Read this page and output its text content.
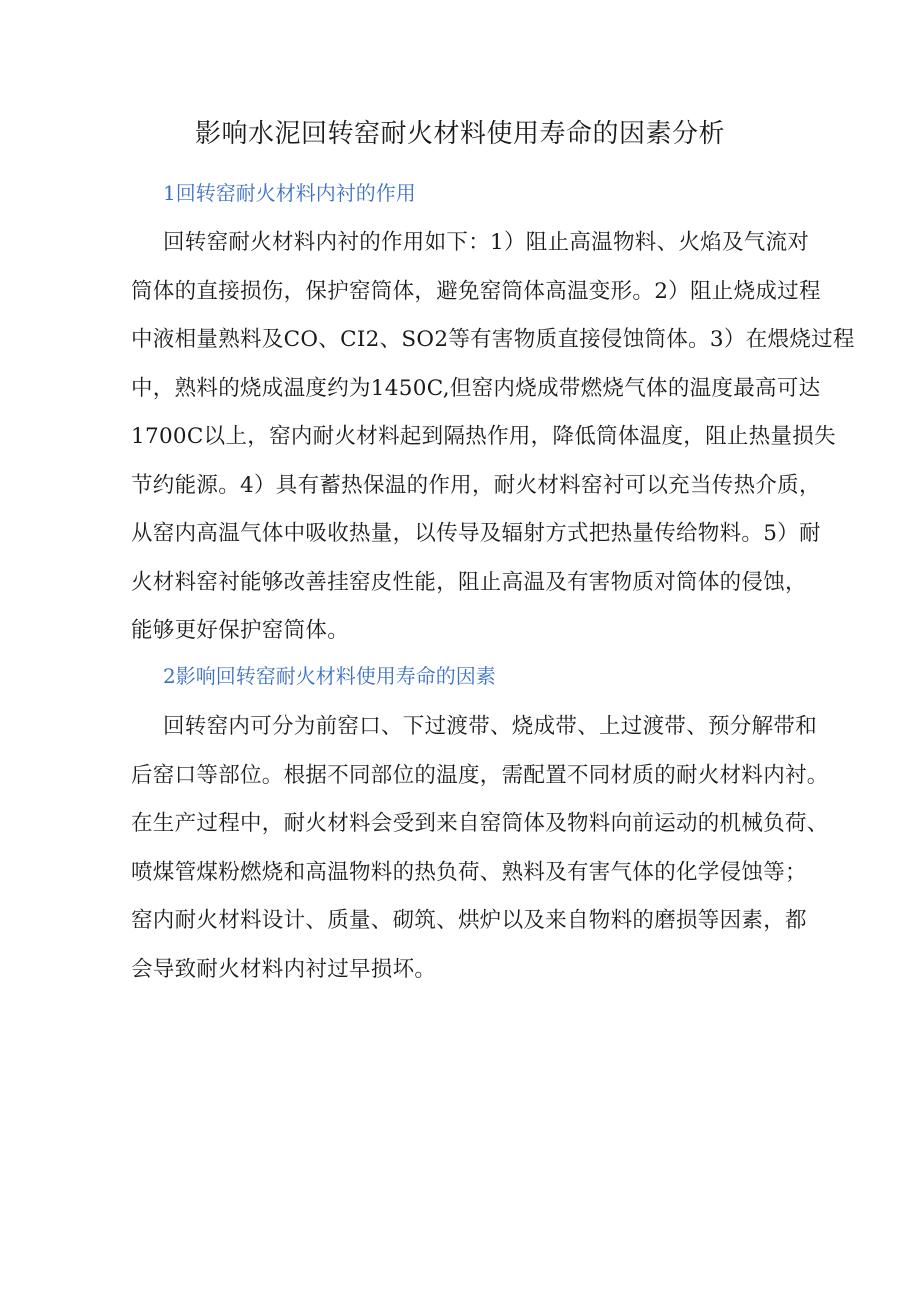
影响水泥回转窑耐火材料使用寿命的因素分析
1回转窑耐火材料内衬的作用
回转窑耐火材料内衬的作用如下：1）阻止高温物料、火焰及气流对
筒体的直接损伤，保护窑筒体，避免窑筒体高温变形。2）阻止烧成过程
中液相量熟料及CO、CI2、SO2等有害物质直接侵蚀筒体。3）在煨烧过程
中，熟料的烧成温度约为1450C,但窑内烧成带燃烧气体的温度最高可达
1700C以上，窑内耐火材料起到隔热作用，降低筒体温度，阻止热量损失
节约能源。4）具有蓄热保温的作用，耐火材料窑衬可以充当传热介质，
从窑内高温气体中吸收热量，以传导及辐射方式把热量传给物料。5）耐
火材料窑衬能够改善挂窑皮性能，阻止高温及有害物质对筒体的侵蚀，
能够更好保护窑筒体。
2影响回转窑耐火材料使用寿命的因素
回转窑内可分为前窑口、下过渡带、烧成带、上过渡带、预分解带和
后窑口等部位。根据不同部位的温度，需配置不同材质的耐火材料内衬。
在生产过程中，耐火材料会受到来自窑筒体及物料向前运动的机械负荷、
喷煤管煤粉燃烧和高温物料的热负荷、熟料及有害气体的化学侵蚀等；
窑内耐火材料设计、质量、砌筑、烘炉以及来自物料的磨损等因素，都
会导致耐火材料内衬过早损坏。
